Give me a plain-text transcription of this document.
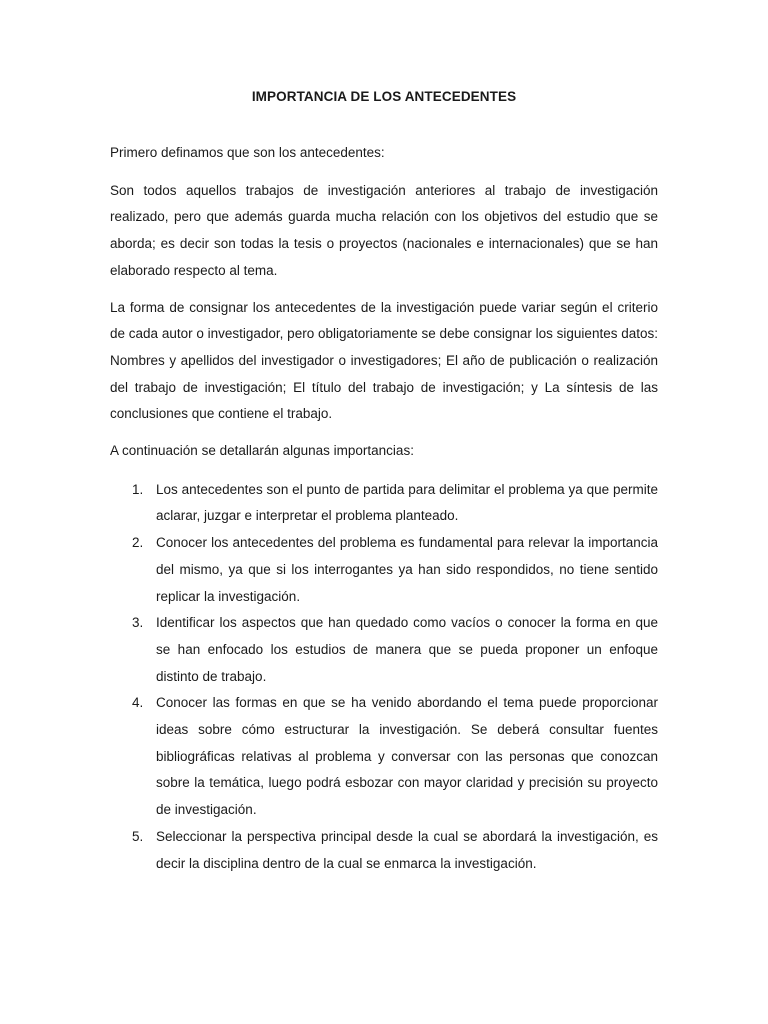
IMPORTANCIA DE LOS ANTECEDENTES

Primero definamos que son los antecedentes:

Son todos aquellos trabajos de investigación anteriores al trabajo de investigación realizado, pero que además guarda mucha relación con los objetivos del estudio que se aborda; es decir son todas la tesis o proyectos (nacionales e internacionales) que se han elaborado respecto al tema.

La forma de consignar los antecedentes de la investigación puede variar según el criterio de cada autor o investigador, pero obligatoriamente se debe consignar los siguientes datos: Nombres y apellidos del investigador o investigadores; El año de publicación o realización del trabajo de investigación; El título del trabajo de investigación; y La síntesis de las conclusiones que contiene el trabajo.

A continuación se detallarán algunas importancias:

1. Los antecedentes son el punto de partida para delimitar el problema ya que permite aclarar, juzgar e interpretar el problema planteado.
2. Conocer los antecedentes del problema es fundamental para relevar la importancia del mismo, ya que si los interrogantes ya han sido respondidos, no tiene sentido replicar la investigación.
3. Identificar los aspectos que han quedado como vacíos o conocer la forma en que se han enfocado los estudios de manera que se pueda proponer un enfoque distinto de trabajo.
4. Conocer las formas en que se ha venido abordando el tema puede proporcionar ideas sobre cómo estructurar la investigación. Se deberá consultar fuentes bibliográficas relativas al problema y conversar con las personas que conozcan sobre la temática, luego podrá esbozar con mayor claridad y precisión su proyecto de investigación.
5. Seleccionar la perspectiva principal desde la cual se abordará la investigación, es decir la disciplina dentro de la cual se enmarca la investigación.
